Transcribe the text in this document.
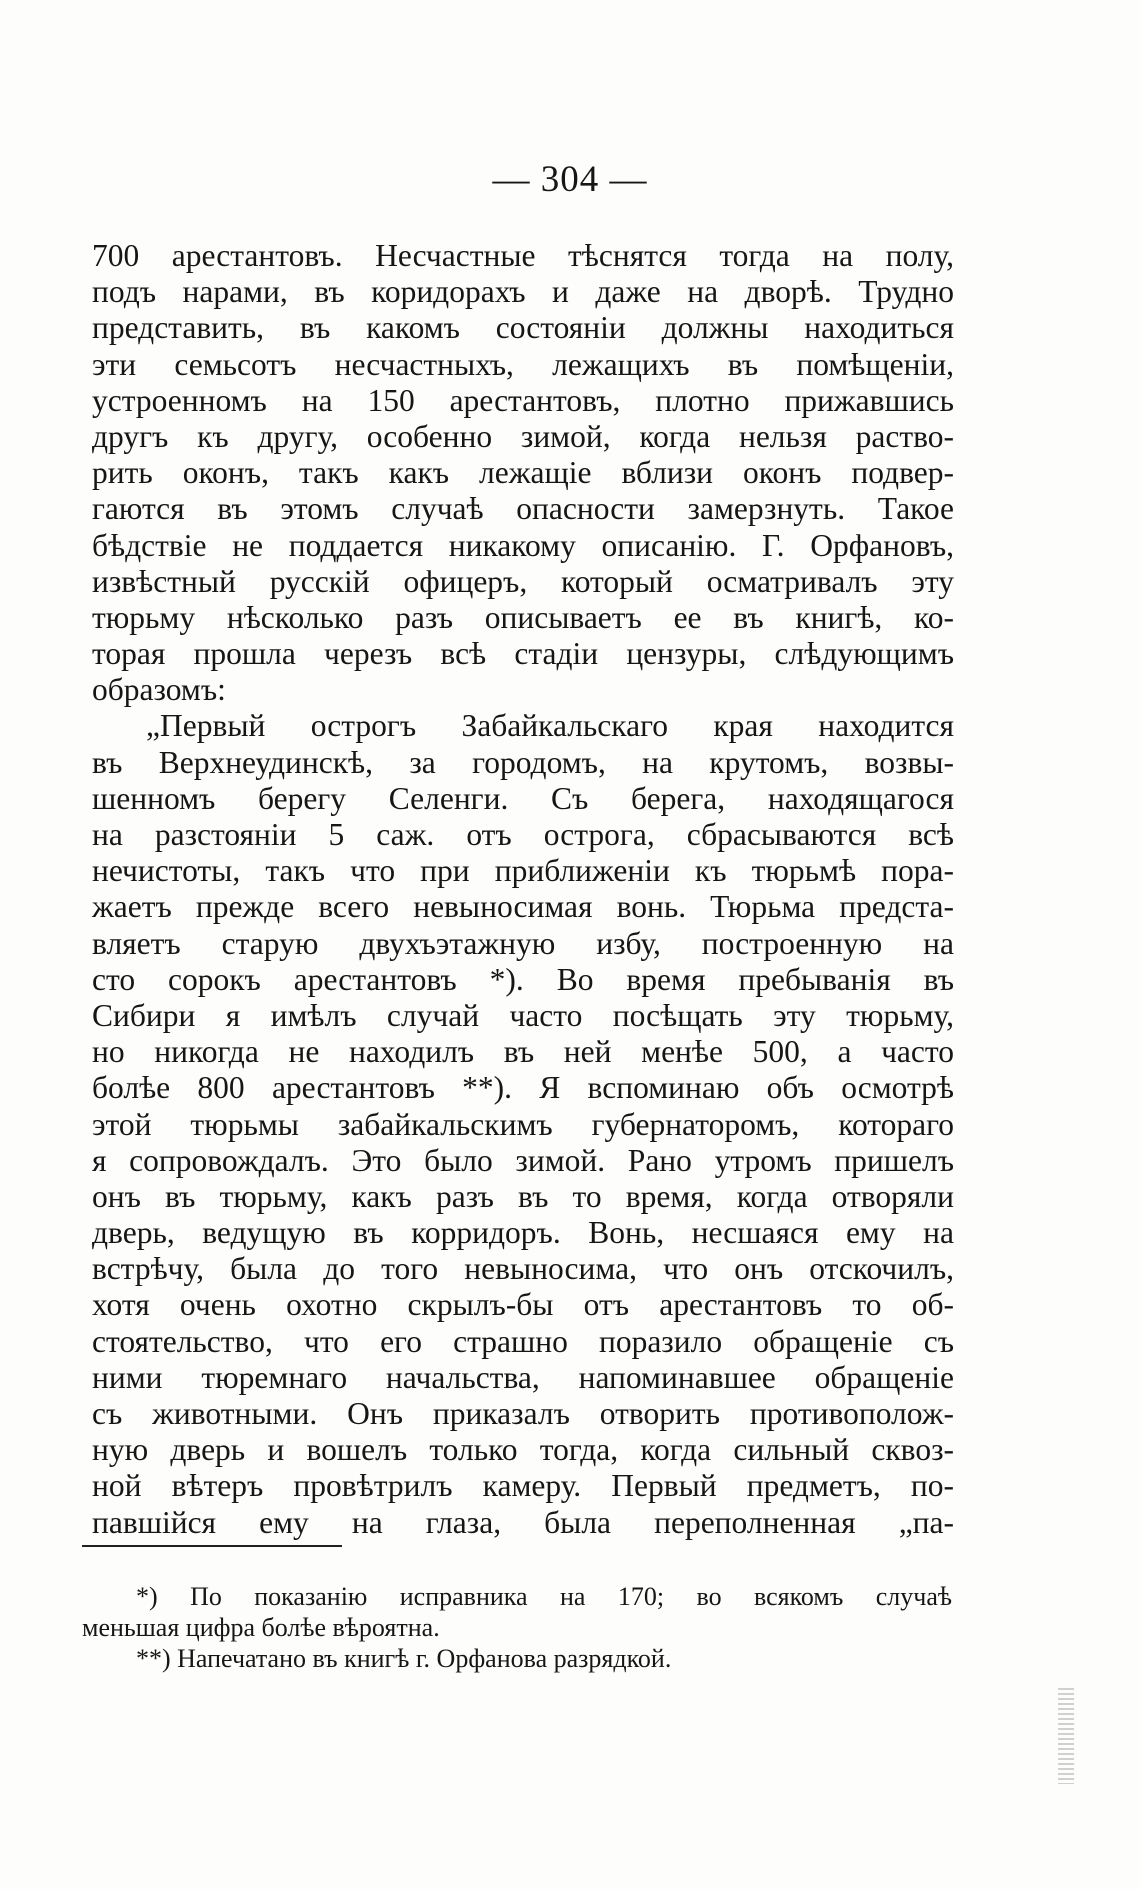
— 304 —
700 арестантовъ. Несчастные тѣснятся тогда на полу,
подъ нарами, въ коридорахъ и даже на дворѣ. Трудно
представить, въ какомъ состоянiи должны находиться
эти семьсотъ несчастныхъ, лежащихъ въ помѣщенiи,
устроенномъ на 150 арестантовъ, плотно прижавшись
другъ къ другу, особенно зимой, когда нельзя раство-
рить оконъ, такъ какъ лежащiе вблизи оконъ подвер-
гаются въ этомъ случаѣ опасности замерзнуть. Такое
бѣдствiе не поддается никакому описанiю. Г. Орфановъ,
извѣстный русскiй офицеръ, который осматривалъ эту
тюрьму нѣсколько разъ описываетъ ее въ книгѣ, ко-
торая прошла черезъ всѣ стадiи цензуры, слѣдующимъ
образомъ:
„Первый острогъ Забайкальскаго края находится
въ Верхнеудинскѣ, за городомъ, на крутомъ, возвы-
шенномъ берегу Селенги. Съ берега, находящагося
на разстоянiи 5 саж. отъ острога, сбрасываются всѣ
нечистоты, такъ что при приближенiи къ тюрьмѣ пора-
жаетъ прежде всего невыносимая вонь. Тюрьма предста-
вляетъ старую двухъэтажную избу, построенную на
сто сорокъ арестантовъ *). Во время пребыванiя въ
Сибири я имѣлъ случай часто посѣщать эту тюрьму,
но никогда не находилъ въ ней менѣе 500, а часто
болѣе 800 арестантовъ **). Я вспоминаю объ осмотрѣ
этой тюрьмы забайкальскимъ губернаторомъ, котораго
я сопровождалъ. Это было зимой. Рано утромъ пришелъ
онъ въ тюрьму, какъ разъ въ то время, когда отворяли
дверь, ведущую въ корридоръ. Вонь, несшаяся ему на
встрѣчу, была до того невыносима, что онъ отскочилъ,
хотя очень охотно скрылъ-бы отъ арестантовъ то об-
стоятельство, что его страшно поразило обращенiе съ
ними тюремнаго начальства, напоминавшее обращенiе
съ животными. Онъ приказалъ отворить противополож-
ную дверь и вошелъ только тогда, когда сильный сквоз-
ной вѣтеръ провѣтрилъ камеру. Первый предметъ, по-
павшiйся ему на глаза, была переполненная „па-
*) По показанiю исправника на 170; во всякомъ случаѣ
меньшая цифра болѣе вѣроятна.
**) Напечатано въ книгѣ г. Орфанова разрядкой.
